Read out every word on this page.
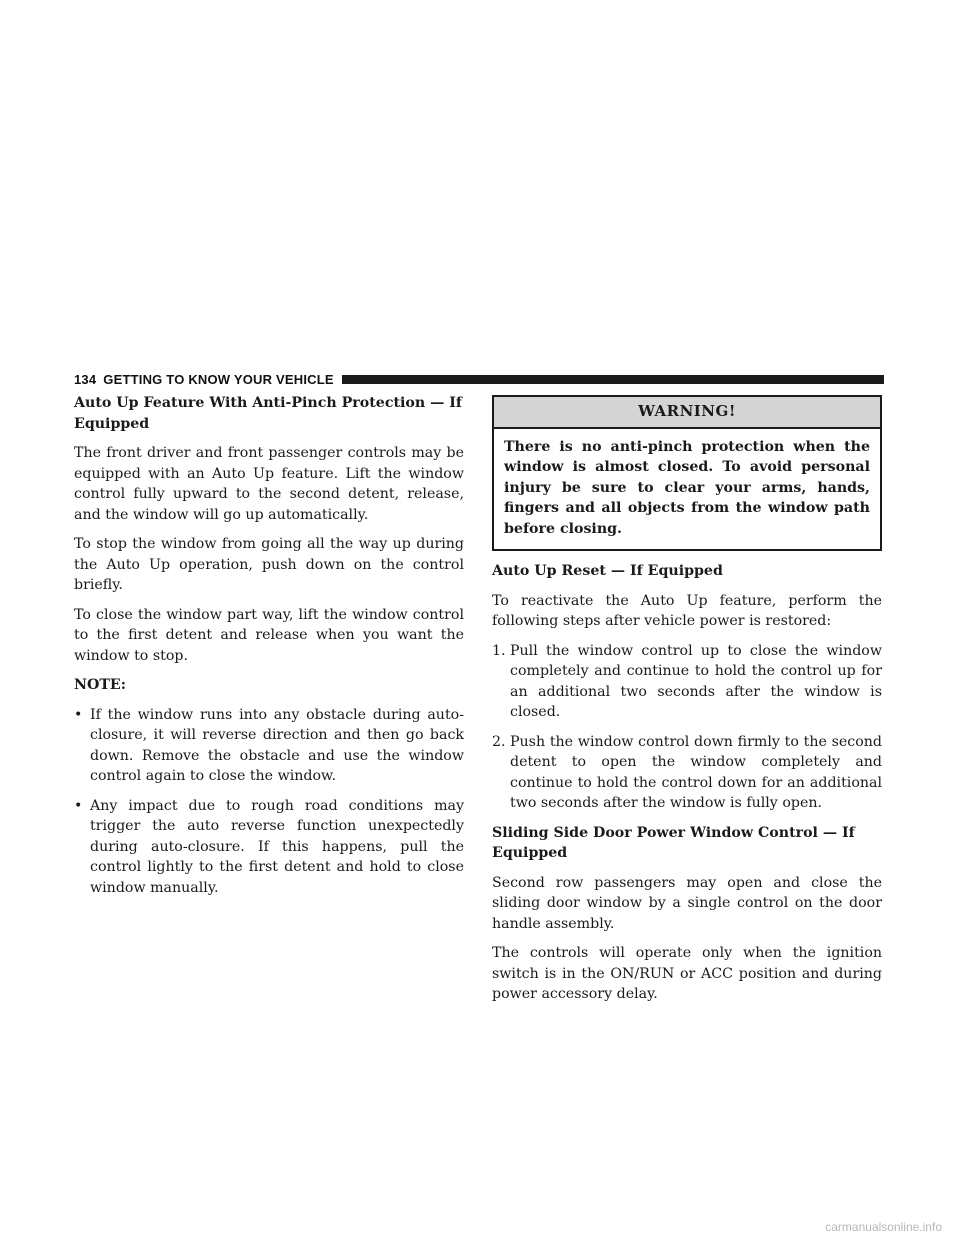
134 GETTING TO KNOW YOUR VEHICLE
Auto Up Feature With Anti-Pinch Protection — If Equipped

The front driver and front passenger controls may be equipped with an Auto Up feature. Lift the window control fully upward to the second detent, release, and the window will go up automatically.

To stop the window from going all the way up during the Auto Up operation, push down on the control briefly.

To close the window part way, lift the window control to the first detent and release when you want the window to stop.

NOTE:
• If the window runs into any obstacle during auto-closure, it will reverse direction and then go back down. Remove the obstacle and use the window control again to close the window.
• Any impact due to rough road conditions may trigger the auto reverse function unexpectedly during auto-closure. If this happens, pull the control lightly to the first detent and hold to close window manually.
WARNING!
There is no anti-pinch protection when the window is almost closed. To avoid personal injury be sure to clear your arms, hands, fingers and all objects from the window path before closing.
Auto Up Reset — If Equipped

To reactivate the Auto Up feature, perform the following steps after vehicle power is restored:

1. Pull the window control up to close the window completely and continue to hold the control up for an additional two seconds after the window is closed.
2. Push the window control down firmly to the second detent to open the window completely and continue to hold the control down for an additional two seconds after the window is fully open.
Sliding Side Door Power Window Control — If Equipped

Second row passengers may open and close the sliding door window by a single control on the door handle assembly.

The controls will operate only when the ignition switch is in the ON/RUN or ACC position and during power accessory delay.

carmanualsonline.info
